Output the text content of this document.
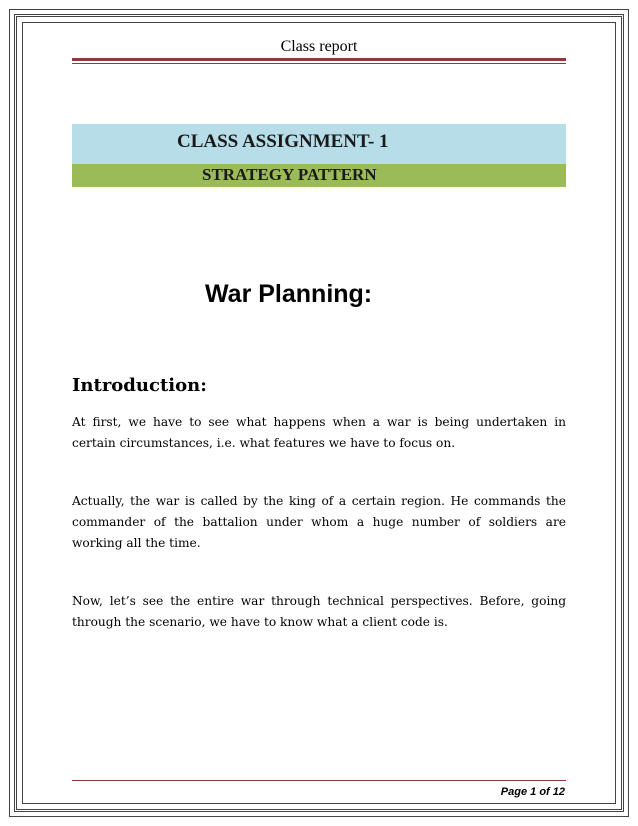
Class report
CLASS ASSIGNMENT- 1
STRATEGY PATTERN
War Planning:
Introduction:

At first, we have to see what happens when a war is being undertaken in certain circumstances, i.e. what features we have to focus on.

Actually, the war is called by the king of a certain region. He commands the commander of the battalion under whom a huge number of soldiers are working all the time.

Now, let’s see the entire war through technical perspectives. Before, going through the scenario, we have to know what a client code is.

Page 1 of 12
